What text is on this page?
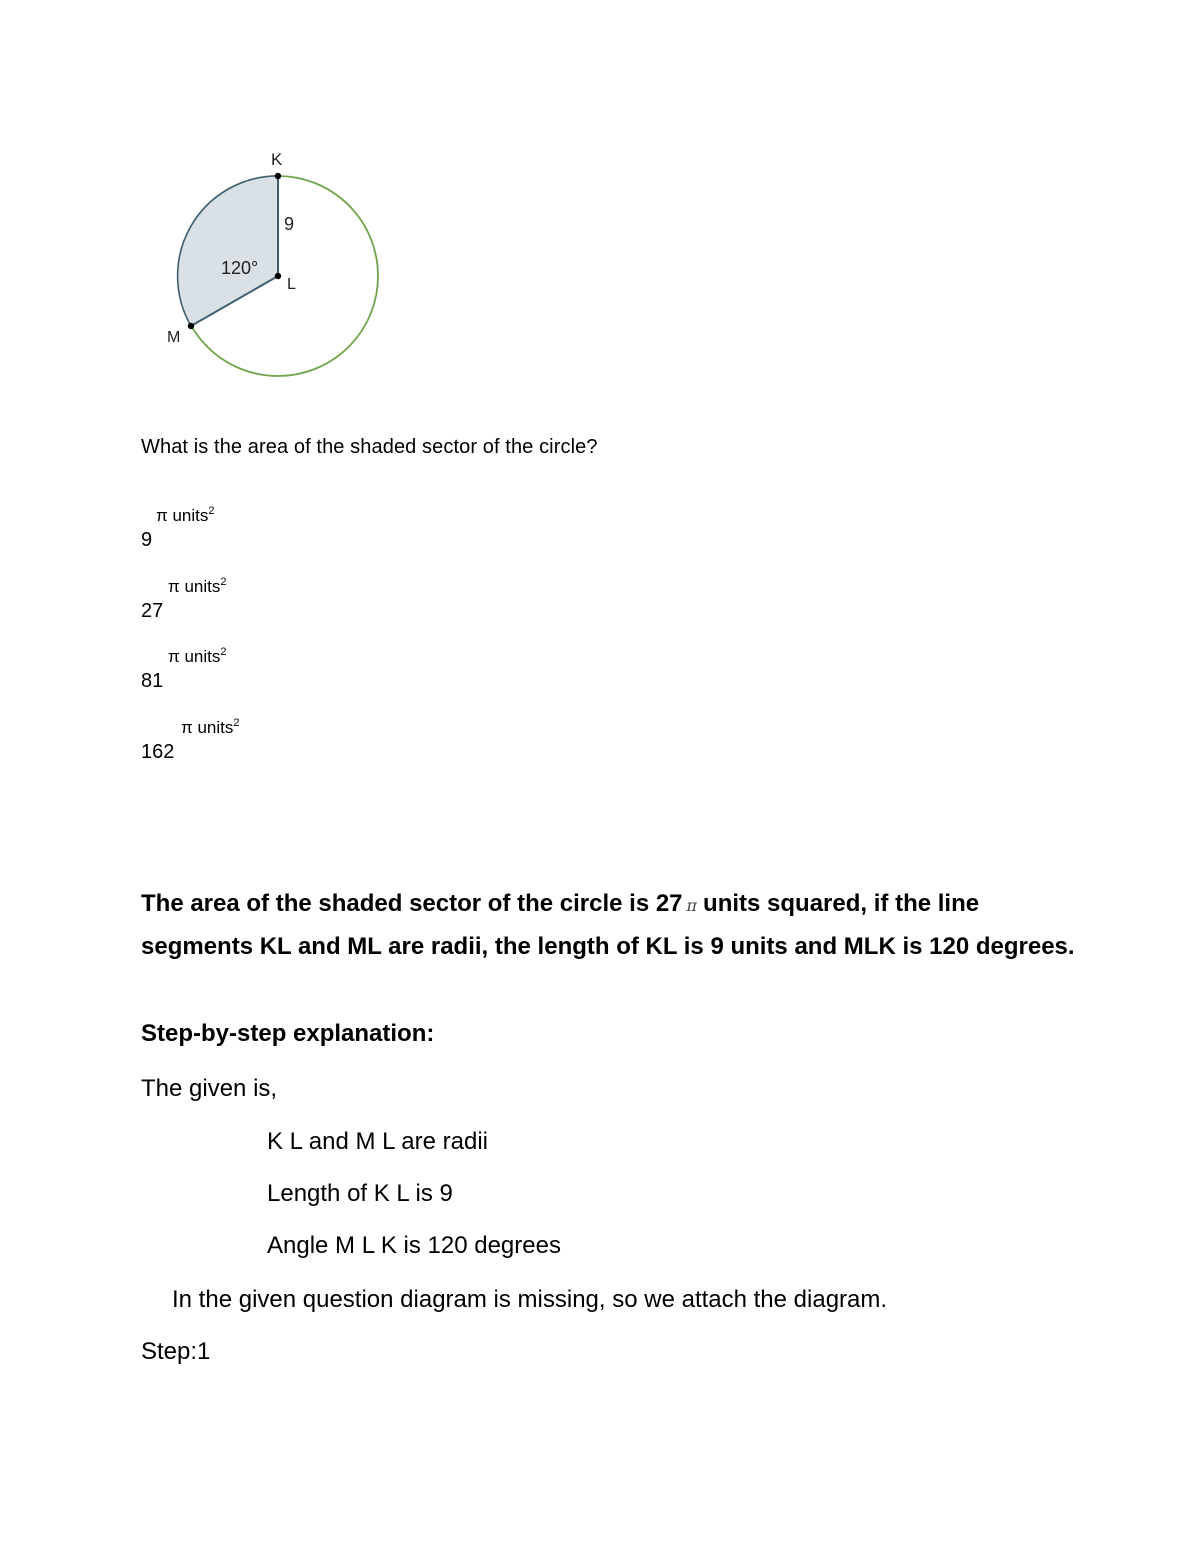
K
L
M
9
120°
What is the area of the shaded sector of the circle?
9
π units$^2$
27
π units$^2$
81
π units$^2$
162
π units$^2$
The area of the shaded sector of the circle is 27 π units squared, if the line segments KL and ML are radii, the length of KL is 9 units and MLK is 120 degrees.
Step-by-step explanation:
The given is,
K L and M L are radii
Length of K L is 9
Angle M L K is 120 degrees
In the given question diagram is missing, so we attach the diagram.
Step:1
